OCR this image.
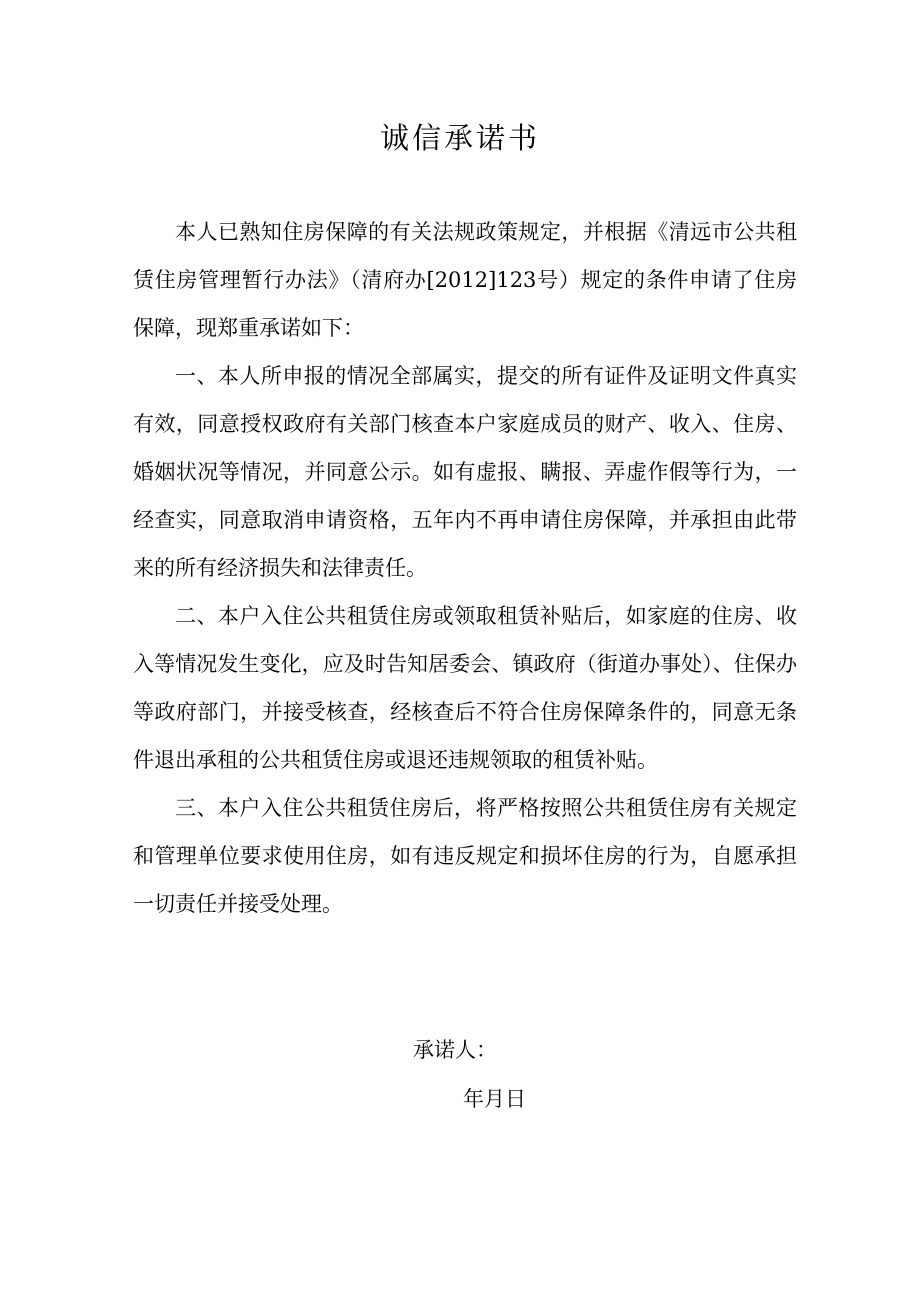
诚信承诺书

本人已熟知住房保障的有关法规政策规定，并根据《清远市公共租赁住房管理暂行办法》（清府办[2012]123号）规定的条件申请了住房保障，现郑重承诺如下：

一、本人所申报的情况全部属实，提交的所有证件及证明文件真实有效，同意授权政府有关部门核查本户家庭成员的财产、收入、住房、婚姻状况等情况，并同意公示。如有虚报、瞒报、弄虚作假等行为，一经查实，同意取消申请资格，五年内不再申请住房保障，并承担由此带来的所有经济损失和法律责任。

二、本户入住公共租赁住房或领取租赁补贴后，如家庭的住房、收入等情况发生变化，应及时告知居委会、镇政府（街道办事处）、住保办等政府部门，并接受核查，经核查后不符合住房保障条件的，同意无条件退出承租的公共租赁住房或退还违规领取的租赁补贴。

三、本户入住公共租赁住房后，将严格按照公共租赁住房有关规定和管理单位要求使用住房，如有违反规定和损坏住房的行为，自愿承担一切责任并接受处理。

承诺人：
年月日
